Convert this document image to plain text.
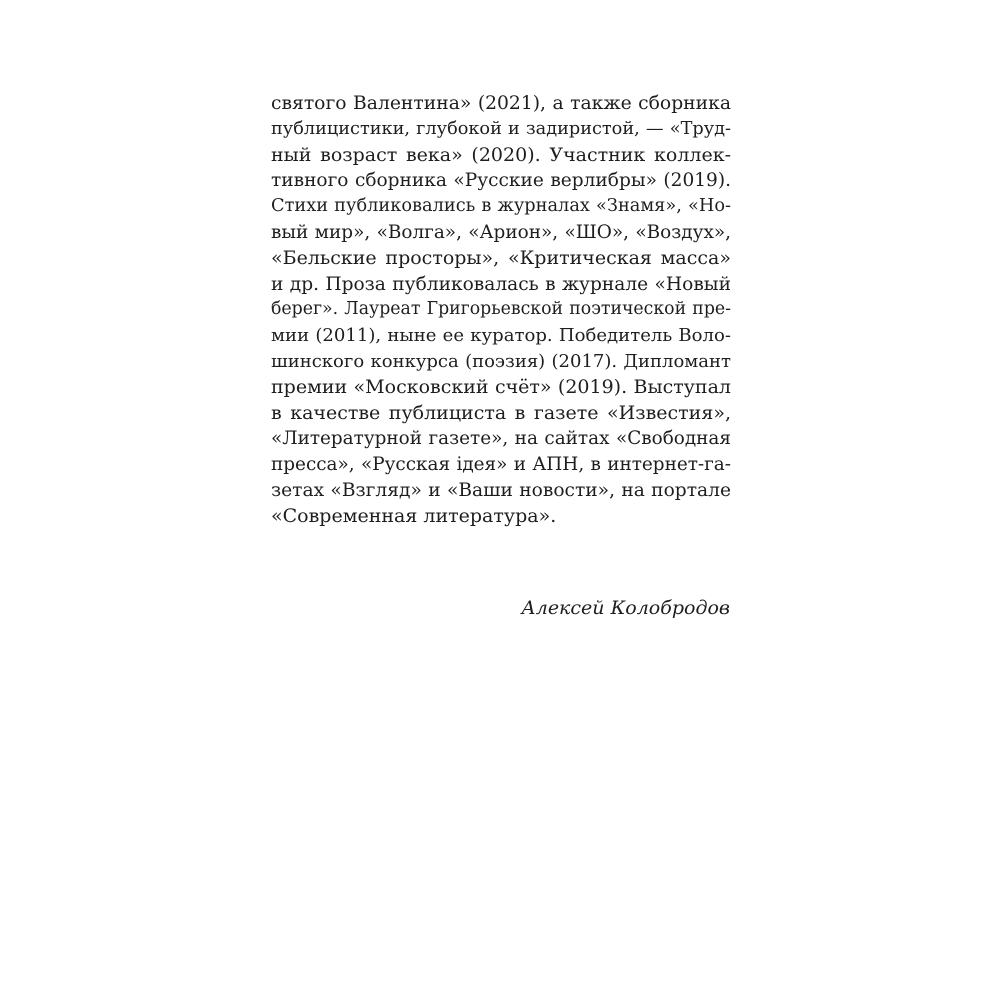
святого Валентина» (2021), а также сборника
публицистики, глубокой и задиристой, — «Труд-
ный возраст века» (2020). Участник коллек-
тивного сборника «Русские верлибры» (2019).
Стихи публиковались в журналах «Знамя», «Но-
вый мир», «Волга», «Арион», «ШО», «Воздух»,
«Бельские просторы», «Критическая масса»
и др. Проза публиковалась в журнале «Новый
берег». Лауреат Григорьевской поэтической пре-
мии (2011), ныне ее куратор. Победитель Воло-
шинского конкурса (поэзия) (2017). Дипломант
премии «Московский счёт» (2019). Выступал
в качестве публициста в газете «Известия»,
«Литературной газете», на сайтах «Свободная
пресса», «Русская ідея» и АПН, в интернет-га-
зетах «Взгляд» и «Ваши новости», на портале
«Современная литература».
Алексей Колобродов
